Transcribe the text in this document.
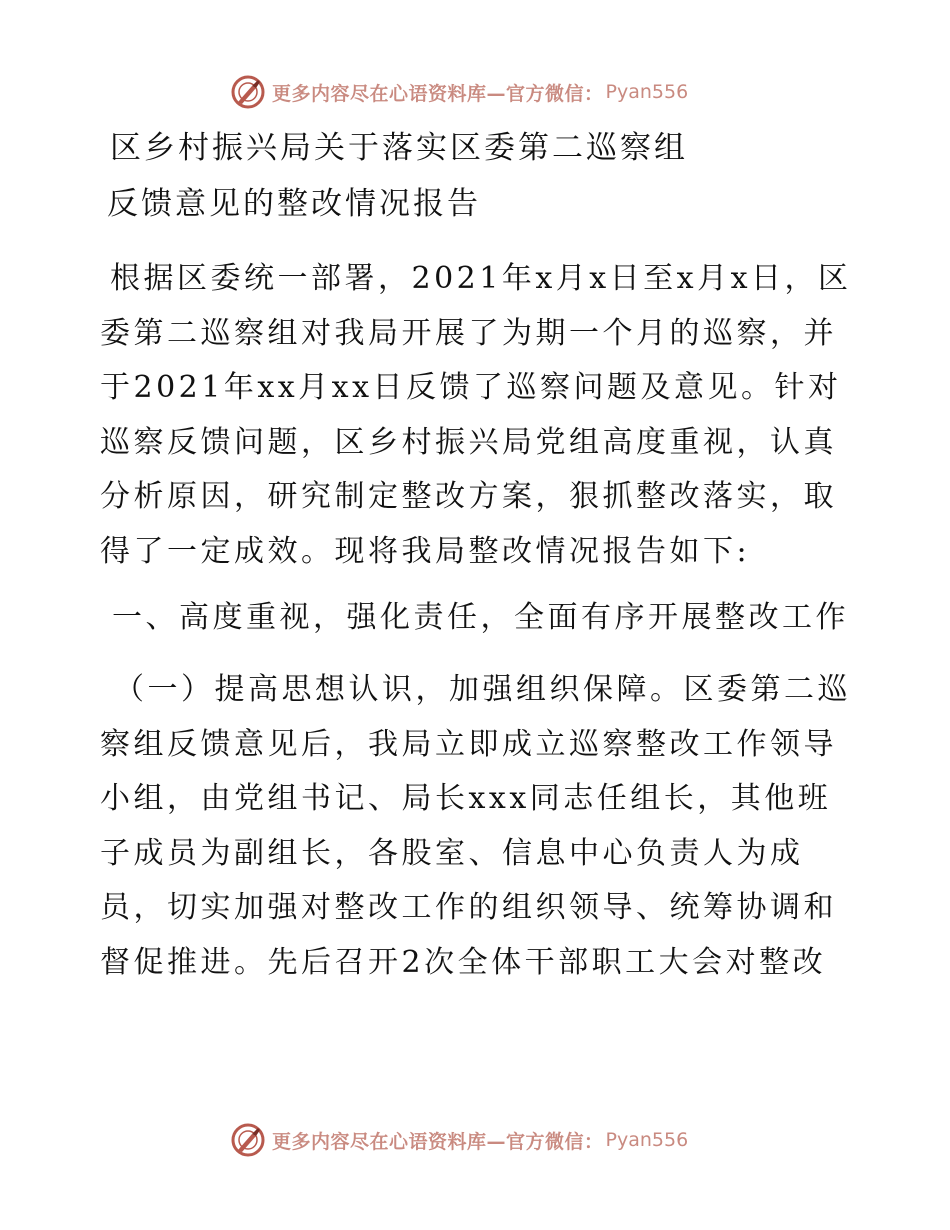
更多内容尽在心语资料库—官方微信： Pyan556
区乡村振兴局关于落实区委第二巡察组
反馈意见的整改情况报告

根据区委统一部署，2021年x月x日至x月x日，区委第二巡察组对我局开展了为期一个月的巡察，并于2021年xx月xx日反馈了巡察问题及意见。针对巡察反馈问题，区乡村振兴局党组高度重视，认真分析原因，研究制定整改方案，狠抓整改落实，取得了一定成效。现将我局整改情况报告如下:

一、高度重视，强化责任，全面有序开展整改工作

（一）提高思想认识，加强组织保障。区委第二巡察组反馈意见后，我局立即成立巡察整改工作领导小组，由党组书记、局长xxx同志任组长，其他班子成员为副组长，各股室、信息中心负责人为成员，切实加强对整改工作的组织领导、统筹协调和督促推进。先后召开2次全体干部职工大会对整改

更多内容尽在心语资料库—官方微信： Pyan556
